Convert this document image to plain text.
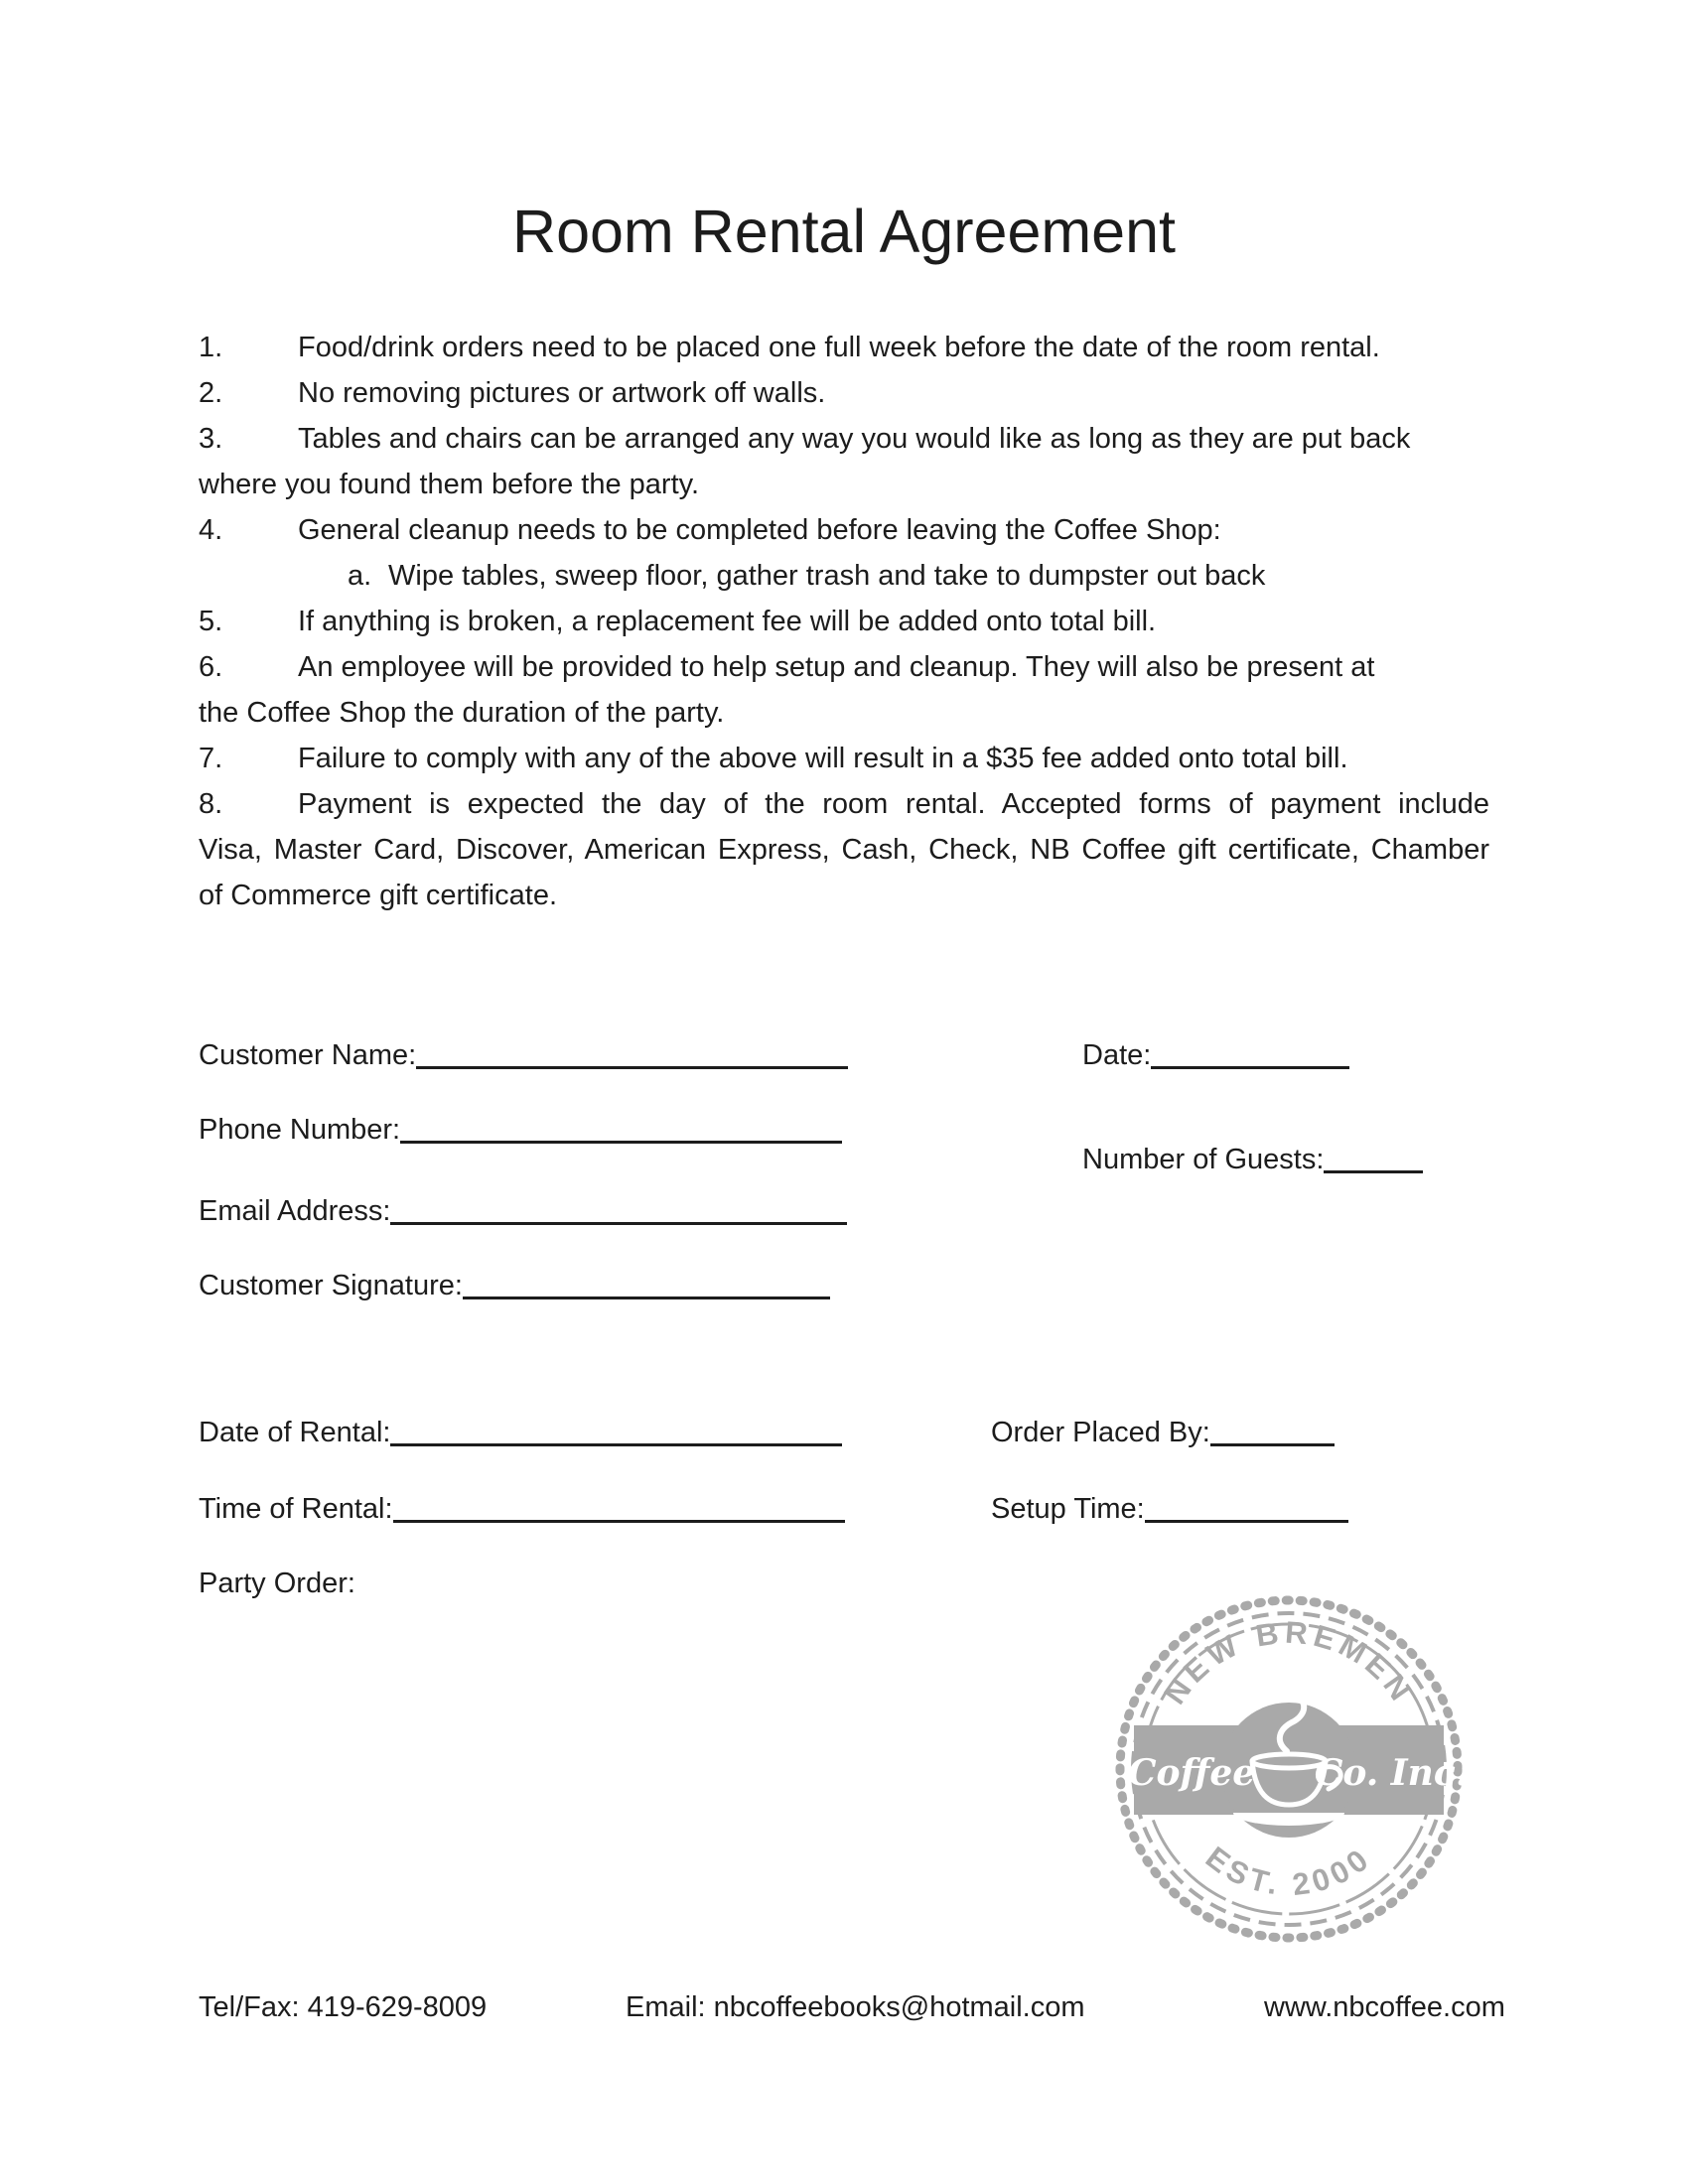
Room Rental Agreement
1.	Food/drink orders need to be placed one full week before the date of the room rental.
2.	No removing pictures or artwork off walls.
3.	Tables and chairs can be arranged any way you would like as long as they are put back
where you found them before the party.
4.	General cleanup needs to be completed before leaving the Coffee Shop:
a. Wipe tables, sweep floor, gather trash and take to dumpster out back
5.	If anything is broken, a replacement fee will be added onto total bill.
6.	An employee will be provided to help setup and cleanup. They will also be present at
the Coffee Shop the duration of the party.
7.	Failure to comply with any of the above will result in a $35 fee added onto total bill.
8.	Payment is expected the day of the room rental. Accepted forms of payment include
Visa, Master Card, Discover, American Express, Cash, Check, NB Coffee gift certificate, Chamber
of Commerce gift certificate.
Customer Name:	Date:
Phone Number:
Number of Guests:
Email Address:
Customer Signature:
Date of Rental:	Order Placed By:
Time of Rental:	Setup Time:
Party Order:
NEW BREMEN
EST. 2000
Coffee Co. Inc.
Tel/Fax: 419-629-8009	Email: nbcoffeebooks@hotmail.com	www.nbcoffee.com
